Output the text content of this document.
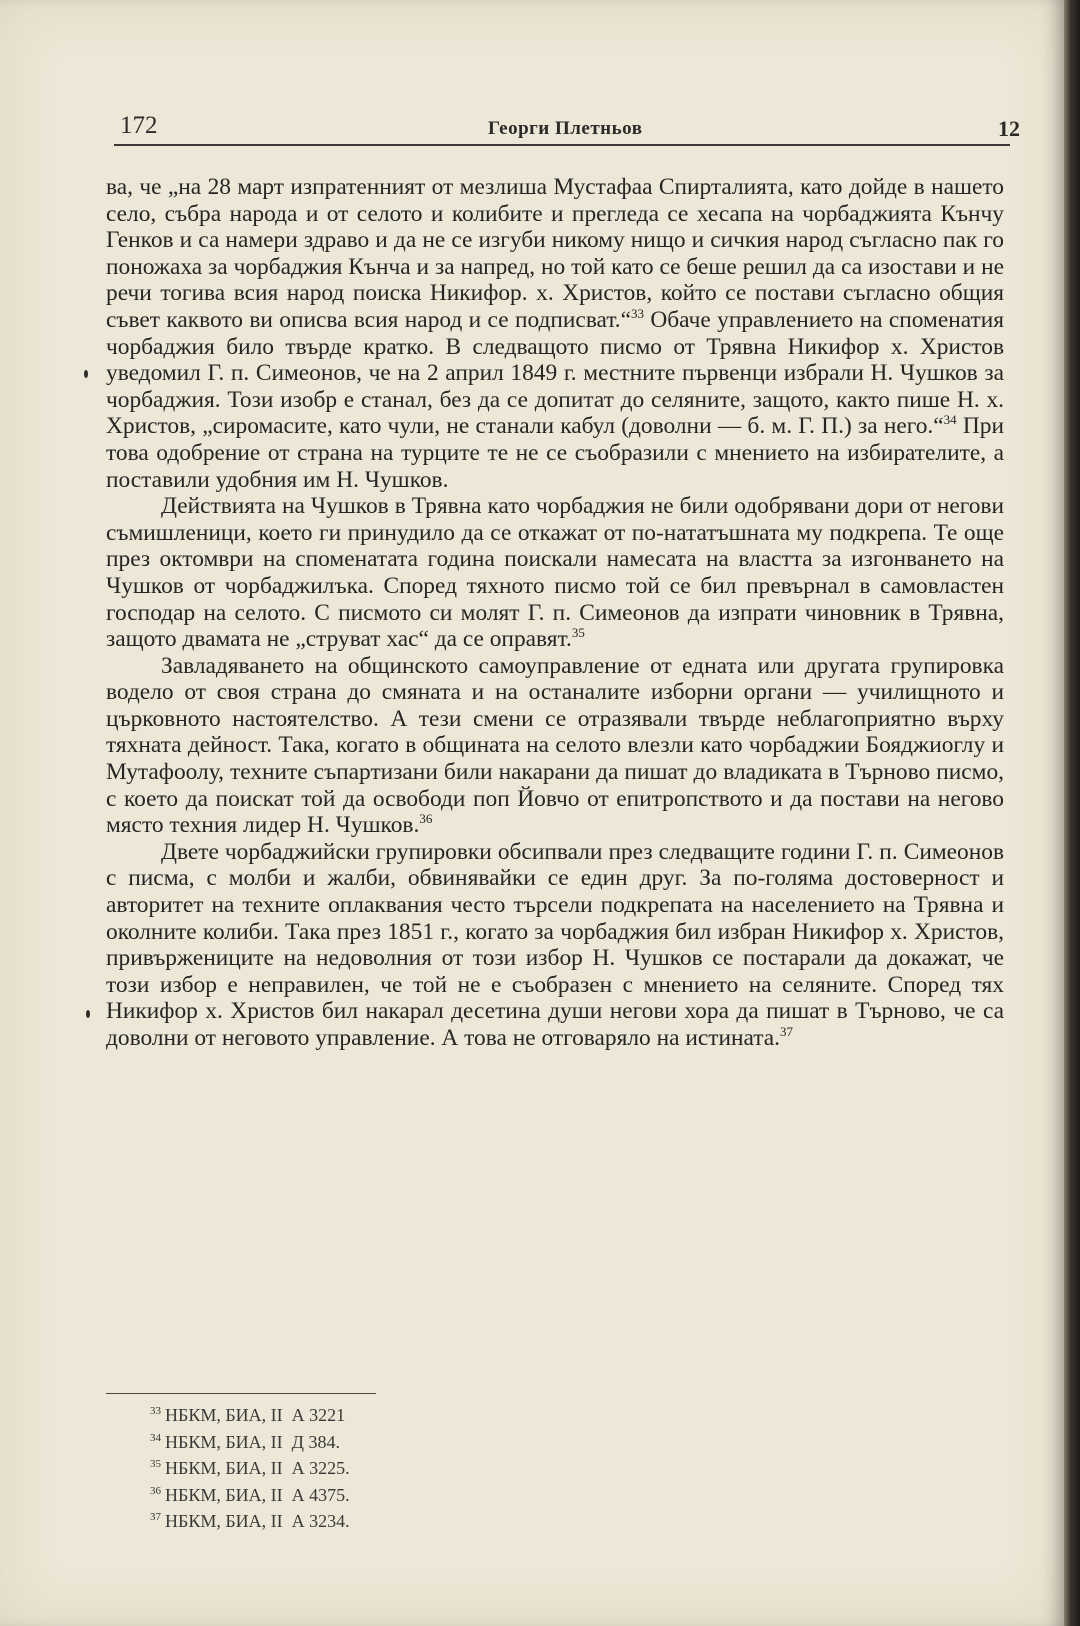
172	Георги Плетньов	12

ва, че „на 28 март изпратенният от мезлиша Мустафаа Спирталията, като дойде в нашето село, събра народа и от селото и колибите и прегледа се хесапа на чорбаджията Кънчу Генков и са намери здраво и да не се изгуби никому нищо и сичкия народ съгласно пак го поножаха за чорбаджия Кънча и за напред, но той като се беше решил да са изостави и не речи тогива всия народ поиска Никифор. х. Христов, който се постави съгласно общия съвет каквото ви описва всия народ и се подписват.“$^{33}$ Обаче управлението на споменатия чорбаджия било твърде кратко. В следващото писмо от Трявна Никифор х. Христов уведомил Г. п. Симеонов, че на 2 април 1849 г. местните първенци избрали Н. Чушков за чорбаджия. Този изобр е станал, без да се допитат до селяните, защото, както пише Н. х. Христов, „сиромасите, като чули, не станали кабул (доволни — б. м. Г. П.) за него.“$^{34}$ При това одобрение от страна на турците те не се съобразили с мнението на избирателите, а поставили удобния им Н. Чушков.

Действията на Чушков в Трявна като чорбаджия не били одобрявани дори от негови съмишленици, което ги принудило да се откажат от по-нататъшната му подкрепа. Те още през октомври на споменатата година поискали намесата на властта за изгонването на Чушков от чорбаджилъка. Според тяхното писмо той се бил превърнал в самовластен господар на селото. С писмото си молят Г. п. Симеонов да изпрати чиновник в Трявна, защото двамата не „струват хас“ да се оправят.$^{35}$

Завладяването на общинското самоуправление от едната или другата групировка водело от своя страна до смяната и на останалите изборни органи — училищното и църковното настоятелство. А тези смени се отразявали твърде неблагоприятно върху тяхната дейност. Така, когато в общината на селото влезли като чорбаджии Бояджиоглу и Мутафоолу, техните съпартизани били накарани да пишат до владиката в Търново писмо, с което да поискат той да освободи поп Йовчо от епитропството и да постави на негово място техния лидер Н. Чушков.$^{36}$

Двете чорбаджийски групировки обсипвали през следващите години Г. п. Симеонов с писма, с молби и жалби, обвинявайки се един друг. За по-голяма достоверност и авторитет на техните оплаквания често търсели подкрепата на населението на Трявна и околните колиби. Така през 1851 г., когато за чорбаджия бил избран Никифор х. Христов, привържениците на недоволния от този избор Н. Чушков се постарали да докажат, че този избор е неправилен, че той не е съобразен с мнението на селяните. Според тях Никифор х. Христов бил накарал десетина души негови хора да пишат в Търново, че са доволни от неговото управление. А това не отговаряло на истината.$^{37}$

$^{33}$ НБКМ, БИА, II  А 3221
$^{34}$ НБКМ, БИА, II  Д 384.
$^{35}$ НБКМ, БИА, II  А 3225.
$^{36}$ НБКМ, БИА, II  А 4375.
$^{37}$ НБКМ, БИА, II  А 3234.
